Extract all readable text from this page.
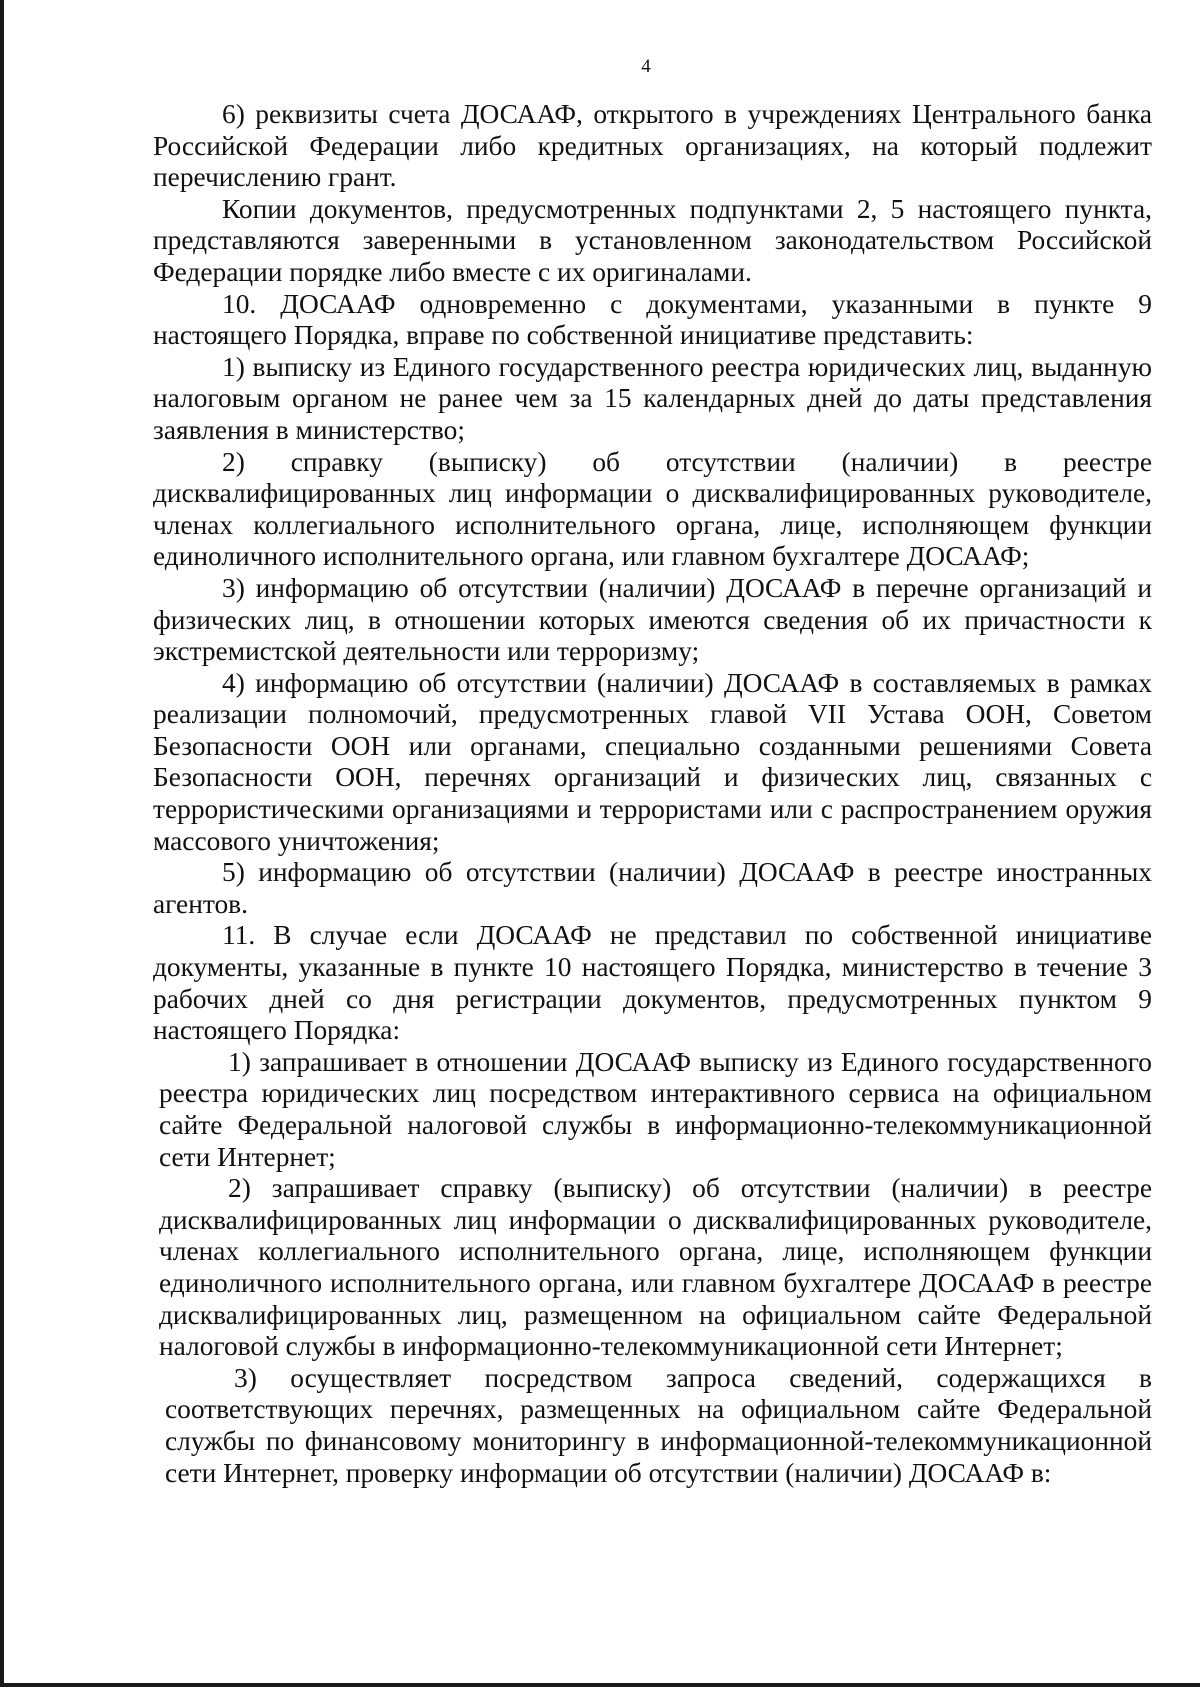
4

6) реквизиты счета ДОСААФ, открытого в учреждениях Центрального банка Российской Федерации либо кредитных организациях, на который подлежит перечислению грант.

Копии документов, предусмотренных подпунктами 2, 5 настоящего пункта, представляются заверенными в установленном законодательством Российской Федерации порядке либо вместе с их оригиналами.

10. ДОСААФ одновременно с документами, указанными в пункте 9 настоящего Порядка, вправе по собственной инициативе представить:

1) выписку из Единого государственного реестра юридических лиц, выданную налоговым органом не ранее чем за 15 календарных дней до даты представления заявления в министерство;

2) справку (выписку) об отсутствии (наличии) в реестре дисквалифицированных лиц информации о дисквалифицированных руководителе, членах коллегиального исполнительного органа, лице, исполняющем функции единоличного исполнительного органа, или главном бухгалтере ДОСААФ;

3) информацию об отсутствии (наличии) ДОСААФ в перечне организаций и физических лиц, в отношении которых имеются сведения об их причастности к экстремистской деятельности или терроризму;

4) информацию об отсутствии (наличии) ДОСААФ в составляемых в рамках реализации полномочий, предусмотренных главой VII Устава ООН, Советом Безопасности ООН или органами, специально созданными решениями Совета Безопасности ООН, перечнях организаций и физических лиц, связанных с террористическими организациями и террористами или с распространением оружия массового уничтожения;

5) информацию об отсутствии (наличии) ДОСААФ в реестре иностранных агентов.

11. В случае если ДОСААФ не представил по собственной инициативе документы, указанные в пункте 10 настоящего Порядка, министерство в течение 3 рабочих дней со дня регистрации документов, предусмотренных пунктом 9 настоящего Порядка:

1) запрашивает в отношении ДОСААФ выписку из Единого государственного реестра юридических лиц посредством интерактивного сервиса на официальном сайте Федеральной налоговой службы в информационно-телекоммуникационной сети Интернет;

2) запрашивает справку (выписку) об отсутствии (наличии) в реестре дисквалифицированных лиц информации о дисквалифицированных руководителе, членах коллегиального исполнительного органа, лице, исполняющем функции единоличного исполнительного органа, или главном бухгалтере ДОСААФ в реестре дисквалифицированных лиц, размещенном на официальном сайте Федеральной налоговой службы в информационно-телекоммуникационной сети Интернет;

3) осуществляет посредством запроса сведений, содержащихся в соответствующих перечнях, размещенных на официальном сайте Федеральной службы по финансовому мониторингу в информационной-телекоммуникационной сети Интернет, проверку информации об отсутствии (наличии) ДОСААФ в:
